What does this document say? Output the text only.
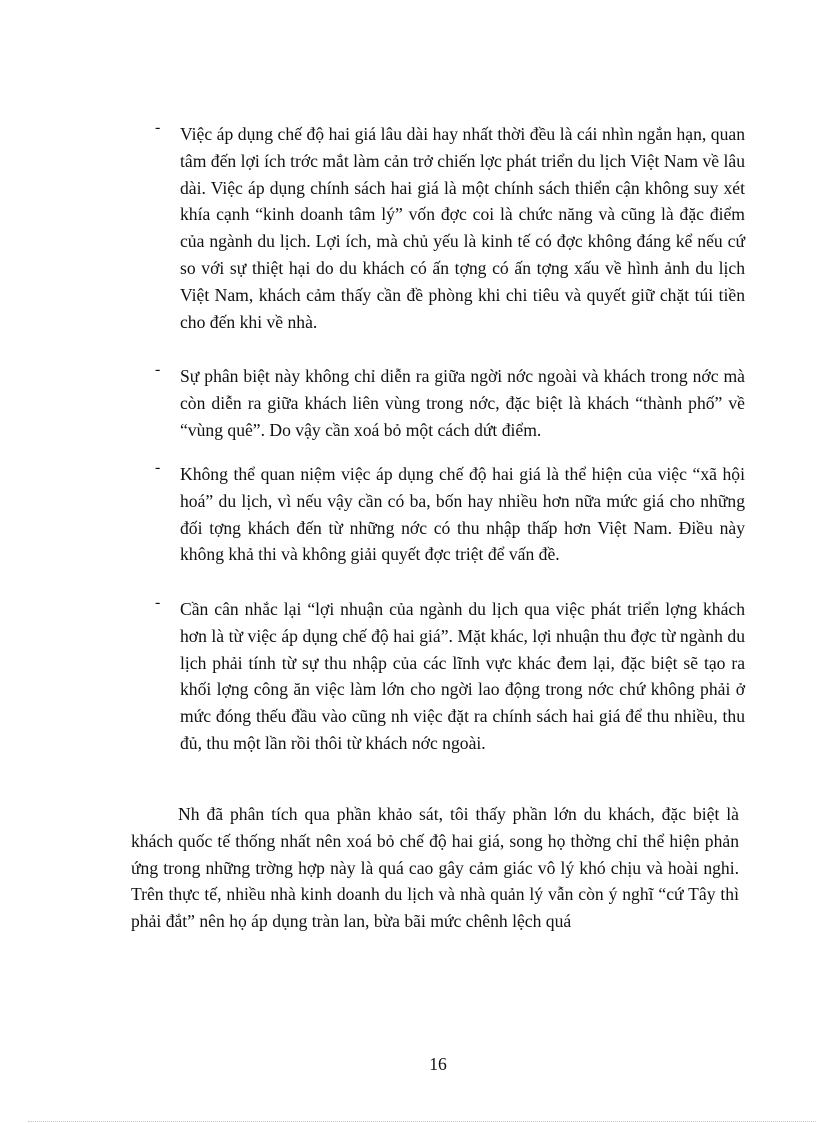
- Việc áp dụng chế độ hai giá lâu dài hay nhất thời đều là cái nhìn ngắn hạn, quan tâm đến lợi ích trớc mắt làm cản trở chiến lợc phát triển du lịch Việt Nam về lâu dài. Việc áp dụng chính sách hai giá là một chính sách thiển cận không suy xét khía cạnh “kinh doanh tâm lý” vốn đợc coi là chức năng và cũng là đặc điểm của ngành du lịch. Lợi ích, mà chủ yếu là kinh tế có đợc không đáng kể nếu cứ so với sự thiệt hại do du khách có ấn tợng có ấn tợng xấu về hình ảnh du lịch Việt Nam, khách cảm thấy cần đề phòng khi chi tiêu và quyết giữ chặt túi tiền cho đến khi về nhà.
- Sự phân biệt này không chỉ diễn ra giữa ngời nớc ngoài và khách trong nớc mà còn diễn ra giữa khách liên vùng trong nớc, đặc biệt là khách “thành phố” về “vùng quê”. Do vậy cần xoá bỏ một cách dứt điểm.
- Không thể quan niệm việc áp dụng chế độ hai giá là thể hiện của việc “xã hội hoá” du lịch, vì nếu vậy cần có ba, bốn hay nhiều hơn nữa mức giá cho những đối tợng khách đến từ những nớc có thu nhập thấp hơn Việt Nam. Điều này không khả thi và không giải quyết đợc triệt để vấn đề.
- Cần cân nhắc lại “lợi nhuận của ngành du lịch qua việc phát triển lợng khách hơn là từ việc áp dụng chế độ hai giá”. Mặt khác, lợi nhuận thu đợc từ ngành du lịch phải tính từ sự thu nhập của các lĩnh vực khác đem lại, đặc biệt sẽ tạo ra khối lợng công ăn việc làm lớn cho ngời lao động trong nớc chứ không phải ở mức đóng thếu đầu vào cũng nh việc đặt ra chính sách hai giá để thu nhiều, thu đủ, thu một lần rồi thôi từ khách nớc ngoài.

Nh đã phân tích qua phần khảo sát, tôi thấy phần lớn du khách, đặc biệt là khách quốc tế thống nhất nên xoá bỏ chế độ hai giá, song họ thờng chỉ thể hiện phản ứng trong những trờng hợp này là quá cao gây cảm giác vô lý khó chịu và hoài nghi. Trên thực tế, nhiều nhà kinh doanh du lịch và nhà quản lý vẫn còn ý nghĩ “cứ Tây thì phải đắt” nên họ áp dụng tràn lan, bừa bãi mức chênh lệch quá

16
